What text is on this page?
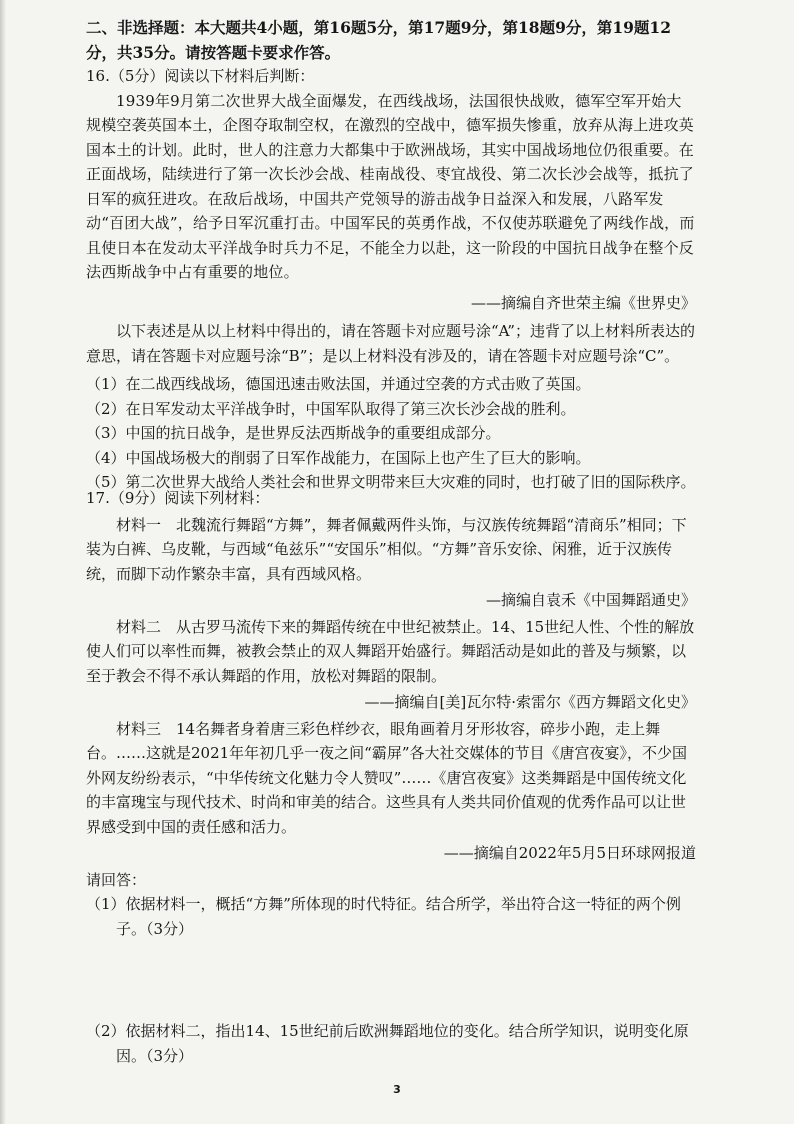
二、非选择题：本大题共4小题，第16题5分，第17题9分，第18题9分，第19题12

分，共35分。请按答题卡要求作答。

16.（5分）阅读以下材料后判断：

1939年9月第二次世界大战全面爆发，在西线战场，法国很快战败，德军空军开始大规模空袭英国本土，企图夺取制空权，在激烈的空战中，德军损失惨重，放弃从海上进攻英国本土的计划。此时，世人的注意力大都集中于欧洲战场，其实中国战场地位仍很重要。在正面战场，陆续进行了第一次长沙会战、桂南战役、枣宜战役、第二次长沙会战等，抵抗了日军的疯狂进攻。在敌后战场，中国共产党领导的游击战争日益深入和发展，八路军发动“百团大战”，给予日军沉重打击。中国军民的英勇作战，不仅使苏联避免了两线作战，而且使日本在发动太平洋战争时兵力不足，不能全力以赴，这一阶段的中国抗日战争在整个反法西斯战争中占有重要的地位。

——摘编自齐世荣主编《世界史》

以下表述是从以上材料中得出的，请在答题卡对应题号涂“A”；违背了以上材料所表达的意思，请在答题卡对应题号涂“B”；是以上材料没有涉及的，请在答题卡对应题号涂“C”。

（1）在二战西线战场，德国迅速击败法国，并通过空袭的方式击败了英国。

（2）在日军发动太平洋战争时，中国军队取得了第三次长沙会战的胜利。

（3）中国的抗日战争，是世界反法西斯战争的重要组成部分。

（4）中国战场极大的削弱了日军作战能力，在国际上也产生了巨大的影响。

（5）第二次世界大战给人类社会和世界文明带来巨大灾难的同时，也打破了旧的国际秩序。

17.（9分）阅读下列材料：

材料一　北魏流行舞蹈“方舞”，舞者佩戴两件头饰，与汉族传统舞蹈“清商乐”相同；下装为白裤、乌皮靴，与西域“龟兹乐”“安国乐”相似。“方舞”音乐安徐、闲雅，近于汉族传统，而脚下动作繁杂丰富，具有西域风格。

—摘编自袁禾《中国舞蹈通史》

材料二　从古罗马流传下来的舞蹈传统在中世纪被禁止。14、15世纪人性、个性的解放使人们可以率性而舞，被教会禁止的双人舞蹈开始盛行。舞蹈活动是如此的普及与频繁，以至于教会不得不承认舞蹈的作用，放松对舞蹈的限制。

——摘编自[美]瓦尔特·索雷尔《西方舞蹈文化史》

材料三　14名舞者身着唐三彩色样纱衣，眼角画着月牙形妆容，碎步小跑，走上舞台。……这就是2021年年初几乎一夜之间“霸屏”各大社交媒体的节目《唐宫夜宴》，不少国外网友纷纷表示，“中华传统文化魅力令人赞叹”……《唐宫夜宴》这类舞蹈是中国传统文化的丰富瑰宝与现代技术、时尚和审美的结合。这些具有人类共同价值观的优秀作品可以让世界感受到中国的责任感和活力。

——摘编自2022年5月5日环球网报道

请回答：

（1）依据材料一，概括“方舞”所体现的时代特征。结合所学，举出符合这一特征的两个例子。（3分）

（2）依据材料二，指出14、15世纪前后欧洲舞蹈地位的变化。结合所学知识，说明变化原因。（3分）

3
